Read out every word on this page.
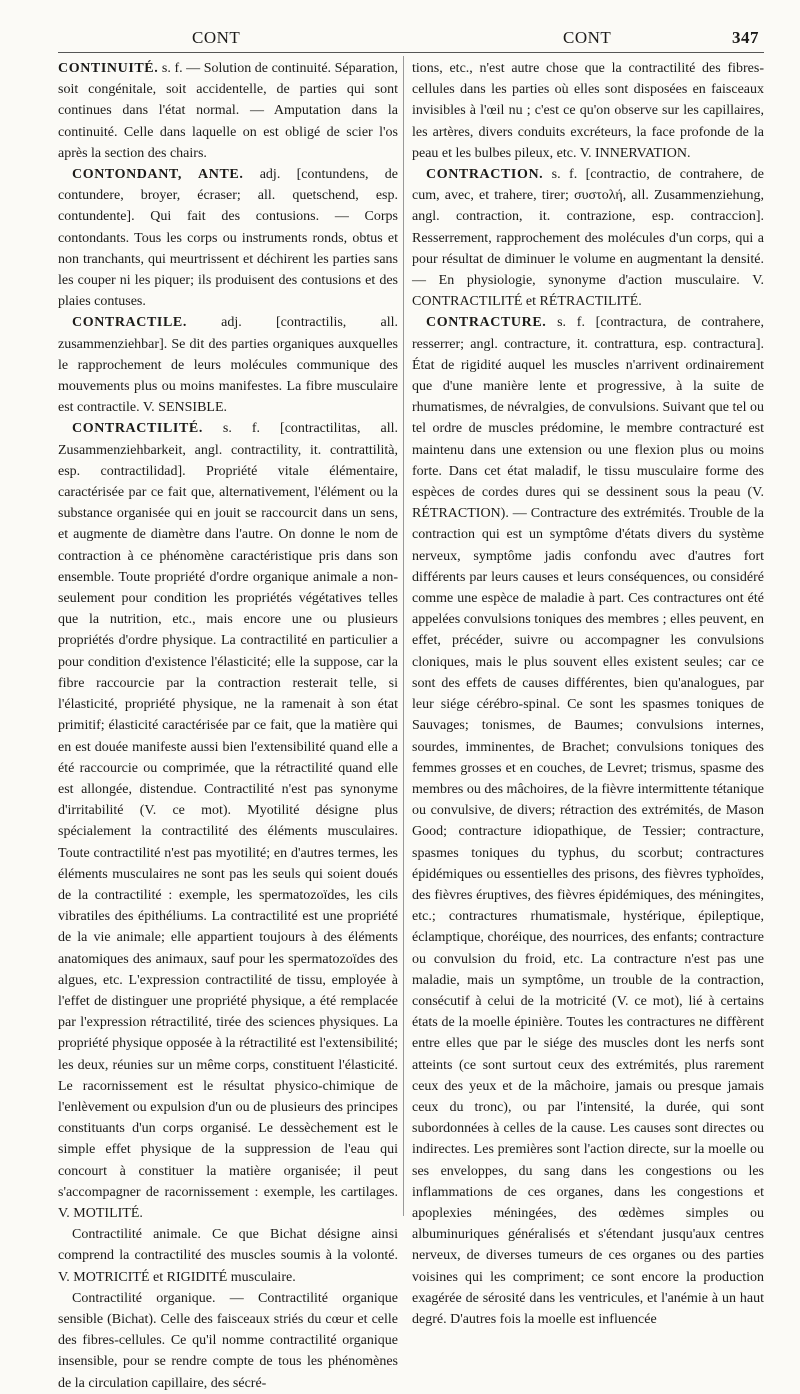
CONT	CONT	347

CONTINUITÉ. s. f. — Solution de continuité. Séparation, soit congénitale, soit accidentelle, de parties qui sont continues dans l'état normal. — Amputation dans la continuité. Celle dans laquelle on est obligé de scier l'os après la section des chairs.

CONTONDANT, ANTE. adj. [contundens, de contundere, broyer, écraser; all. quetschend, esp. contundente]. Qui fait des contusions. — Corps contondants. Tous les corps ou instruments ronds, obtus et non tranchants, qui meurtrissent et déchirent les parties sans les couper ni les piquer; ils produisent des contusions et des plaies contuses.

CONTRACTILE. adj. [contractilis, all. zusammenziehbar]. Se dit des parties organiques auxquelles le rapprochement de leurs molécules communique des mouvements plus ou moins manifestes. La fibre musculaire est contractile. V. SENSIBLE.

CONTRACTILITÉ. s. f. [contractilitas, all. Zusammenziehbarkeit, angl. contractility, it. contrattilità, esp. contractilidad]. Propriété vitale élémentaire, caractérisée par ce fait que, alternativement, l'élément ou la substance organisée qui en jouit se raccourcit dans un sens, et augmente de diamètre dans l'autre. On donne le nom de contraction à ce phénomène caractéristique pris dans son ensemble. Toute propriété d'ordre organique animale a non-seulement pour condition les propriétés végétatives telles que la nutrition, etc., mais encore une ou plusieurs propriétés d'ordre physique. La contractilité en particulier a pour condition d'existence l'élasticité; elle la suppose, car la fibre raccourcie par la contraction resterait telle, si l'élasticité, propriété physique, ne la ramenait à son état primitif; élasticité caractérisée par ce fait, que la matière qui en est douée manifeste aussi bien l'extensibilité quand elle a été raccourcie ou comprimée, que la rétractilité quand elle est allongée, distendue. Contractilité n'est pas synonyme d'irritabilité (V. ce mot). Myotilité désigne plus spécialement la contractilité des éléments musculaires. Toute contractilité n'est pas myotilité; en d'autres termes, les éléments musculaires ne sont pas les seuls qui soient doués de la contractilité : exemple, les spermatozoïdes, les cils vibratiles des épithéliums. La contractilité est une propriété de la vie animale; elle appartient toujours à des éléments anatomiques des animaux, sauf pour les spermatozoïdes des algues, etc. L'expression contractilité de tissu, employée à l'effet de distinguer une propriété physique, a été remplacée par l'expression rétractilité, tirée des sciences physiques. La propriété physique opposée à la rétractilité est l'extensibilité; les deux, réunies sur un même corps, constituent l'élasticité. Le racornissement est le résultat physico-chimique de l'enlèvement ou expulsion d'un ou de plusieurs des principes constituants d'un corps organisé. Le dessèchement est le simple effet physique de la suppression de l'eau qui concourt à constituer la matière organisée; il peut s'accompagner de racornissement : exemple, les cartilages. V. MOTILITÉ.

Contractilité animale. Ce que Bichat désigne ainsi comprend la contractilité des muscles soumis à la volonté. V. MOTRICITÉ et RIGIDITÉ musculaire.

Contractilité organique. — Contractilité organique sensible (Bichat). Celle des faisceaux striés du cœur et celle des fibres-cellules. Ce qu'il nomme contractilité organique insensible, pour se rendre compte de tous les phénomènes de la circulation capillaire, des sécré-

tions, etc., n'est autre chose que la contractilité des fibres-cellules dans les parties où elles sont disposées en faisceaux invisibles à l'œil nu ; c'est ce qu'on observe sur les capillaires, les artères, divers conduits excréteurs, la face profonde de la peau et les bulbes pileux, etc. V. INNERVATION.

CONTRACTION. s. f. [contractio, de contrahere, de cum, avec, et trahere, tirer; συστολή, all. Zusammenziehung, angl. contraction, it. contrazione, esp. contraccion]. Resserrement, rapprochement des molécules d'un corps, qui a pour résultat de diminuer le volume en augmentant la densité. — En physiologie, synonyme d'action musculaire. V. CONTRACTILITÉ et RÉTRACTILITÉ.

CONTRACTURE. s. f. [contractura, de contrahere, resserrer; angl. contracture, it. contrattura, esp. contractura]. État de rigidité auquel les muscles n'arrivent ordinairement que d'une manière lente et progressive, à la suite de rhumatismes, de névralgies, de convulsions. Suivant que tel ou tel ordre de muscles prédomine, le membre contracturé est maintenu dans une extension ou une flexion plus ou moins forte. Dans cet état maladif, le tissu musculaire forme des espèces de cordes dures qui se dessinent sous la peau (V. RÉTRACTION). — Contracture des extrémités. Trouble de la contraction qui est un symptôme d'états divers du système nerveux, symptôme jadis confondu avec d'autres fort différents par leurs causes et leurs conséquences, ou considéré comme une espèce de maladie à part. Ces contractures ont été appelées convulsions toniques des membres ; elles peuvent, en effet, précéder, suivre ou accompagner les convulsions cloniques, mais le plus souvent elles existent seules; car ce sont des effets de causes différentes, bien qu'analogues, par leur siége cérébro-spinal. Ce sont les spasmes toniques de Sauvages; tonismes, de Baumes; convulsions internes, sourdes, imminentes, de Brachet; convulsions toniques des femmes grosses et en couches, de Levret; trismus, spasme des membres ou des mâchoires, de la fièvre intermittente tétanique ou convulsive, de divers; rétraction des extrémités, de Mason Good; contracture idiopathique, de Tessier; contracture, spasmes toniques du typhus, du scorbut; contractures épidémiques ou essentielles des prisons, des fièvres typhoïdes, des fièvres éruptives, des fièvres épidémiques, des méningites, etc.; contractures rhumatismale, hystérique, épileptique, éclamptique, choréique, des nourrices, des enfants; contracture ou convulsion du froid, etc. La contracture n'est pas une maladie, mais un symptôme, un trouble de la contraction, consécutif à celui de la motricité (V. ce mot), lié à certains états de la moelle épinière. Toutes les contractures ne diffèrent entre elles que par le siége des muscles dont les nerfs sont atteints (ce sont surtout ceux des extrémités, plus rarement ceux des yeux et de la mâchoire, jamais ou presque jamais ceux du tronc), ou par l'intensité, la durée, qui sont subordonnées à celles de la cause. Les causes sont directes ou indirectes. Les premières sont l'action directe, sur la moelle ou ses enveloppes, du sang dans les congestions ou les inflammations de ces organes, dans les congestions et apoplexies méningées, des œdèmes simples ou albuminuriques généralisés et s'étendant jusqu'aux centres nerveux, de diverses tumeurs de ces organes ou des parties voisines qui les compriment; ce sont encore la production exagérée de sérosité dans les ventricules, et l'anémie à un haut degré. D'autres fois la moelle est influencée
